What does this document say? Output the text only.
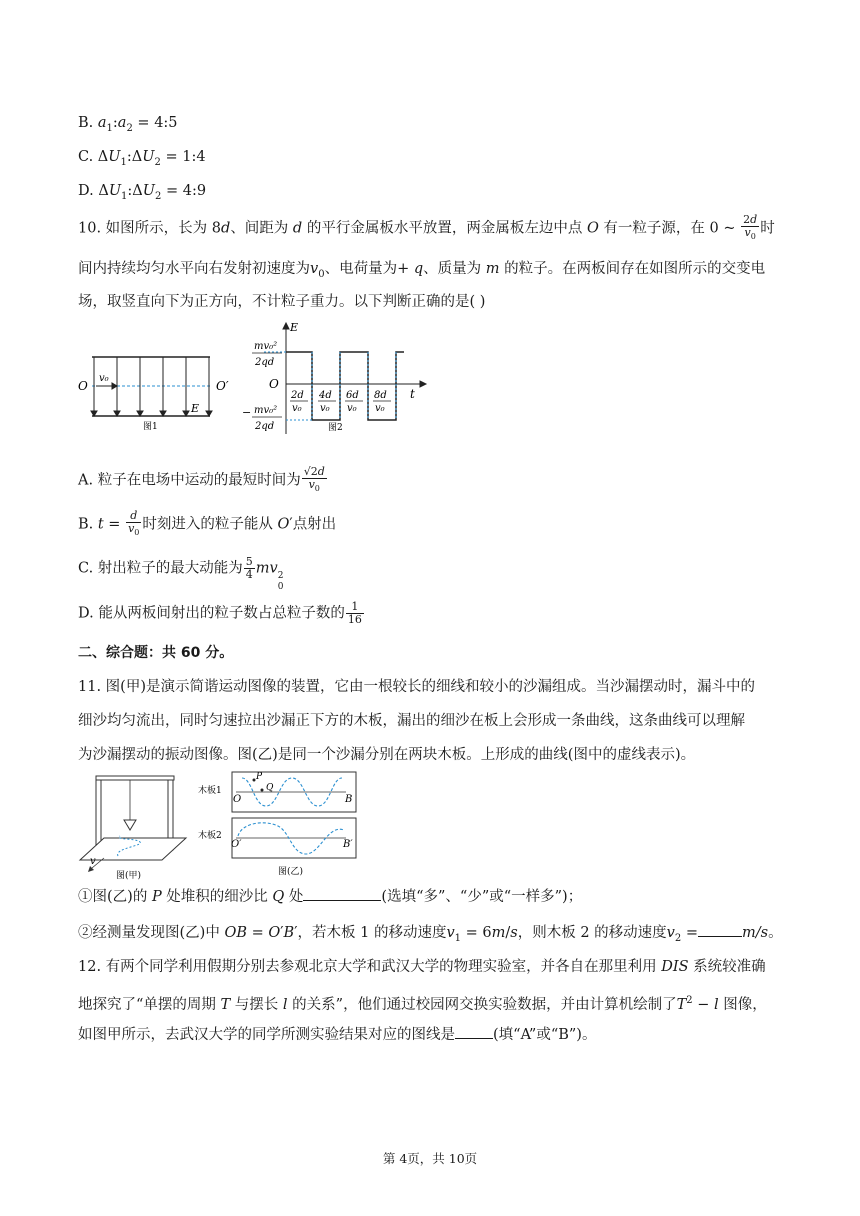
B. $a_1:a_2$ = 4:5
C. $\Delta U_1:\Delta U_2$ = 1:4
D. $\Delta U_1:\Delta U_2$ = 4:9
10. 如图所示，长为 8d、间距为 d 的平行金属板水平放置，两金属板左边中点 O 有一粒子源，在 0 ~ $\frac{2d}{v_0}$ 时
间内持续均匀水平向右发射初速度为$v_0$、电荷量为+ q、质量为 m 的粒子。在两板间存在如图所示的交变电
场，取竖直向下为正方向，不计粒子重力。以下判断正确的是( )
O	O′
v₀
E
图1
E
O
t
mv₀²
2qd
− mv₀²
2qd
2d
v₀
4d
v₀
6d
v₀
8d
v₀
图2
A. 粒子在电场中运动的最短时间为 $\frac{√2d}{v_0}$
B. $t = \frac{d}{v_0}$ 时刻进入的粒子能从 O′点射出
C. 射出粒子的最大动能为 $\frac{5}{4}$ mv 2
0
D. 能从两板间射出的粒子数占总粒子数的 $\frac{1}{16}$
二、综合题：共 60 分。
11. 图(甲)是演示简谐运动图像的装置，它由一根较长的细线和较小的沙漏组成。当沙漏摆动时，漏斗中的
细沙均匀流出，同时匀速拉出沙漏正下方的木板，漏出的细沙在板上会形成一条曲线，这条曲线可以理解
为沙漏摆动的振动图像。图(乙)是同一个沙漏分别在两块木板。上形成的曲线(图中的虚线表示)。
v
图(甲)
木板1
木板2
P
Q
O	B
O′	B′
图(乙)
①图(乙)的 P 处堆积的细沙比 Q 处	(选填“多”、“少”或“一样多”)；
②经测量发现图(乙)中 OB = O′B′，若木板 1 的移动速度$v_1 = 6m/s$，则木板 2 的移动速度$v_2$ =	m/s。
12. 有两个同学利用假期分别去参观北京大学和武汉大学的物理实验室，并各自在那里利用 DIS 系统较准确
地探究了“单摆的周期 T 与摆长 l 的关系”，他们通过校园网交换实验数据，并由计算机绘制了$T^2 - l$ 图像，
如图甲所示，去武汉大学的同学所测实验结果对应的图线是	(填“A”或“B”)。
第 4页，共 10页
